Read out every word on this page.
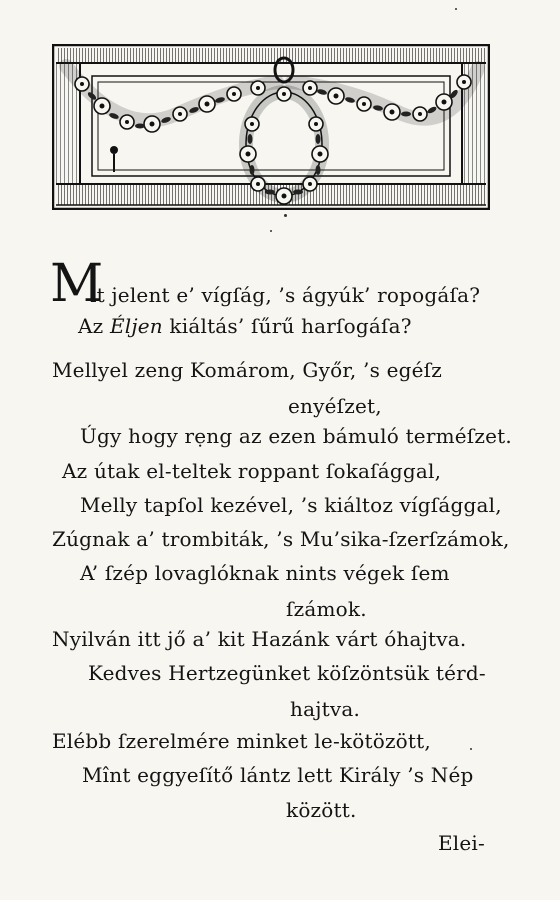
M
it jelent e’ vígſág, ’s ágyúk’ ropogáſa?
Az Éljen kiáltás’ ſűrű harſogáſa?
Mellyel zeng Komárom, Győr, ’s egéſz
enyéſzet,
Úgy hogy rẹng az ezen bámuló terméſzet.
Az útak el-teltek roppant ſokaſággal,
Melly tapſol kezével, ’s kiáltoz vígſággal,
Zúgnak a’ trombiták, ’s Mu’sika-ſzerſzámok,
A’ ſzép lovaglóknak nints végek ſem
ſzámok.
Nyilván itt jő a’ kit Hazánk várt óhajtva.
Kedves Hertzegünket köſzöntsük térd-
hajtva.
Elébb ſzerelmére minket le-kötözött,
Mînt eggyeſítő lántz lett Király ’s Nép
között.
Elei-
